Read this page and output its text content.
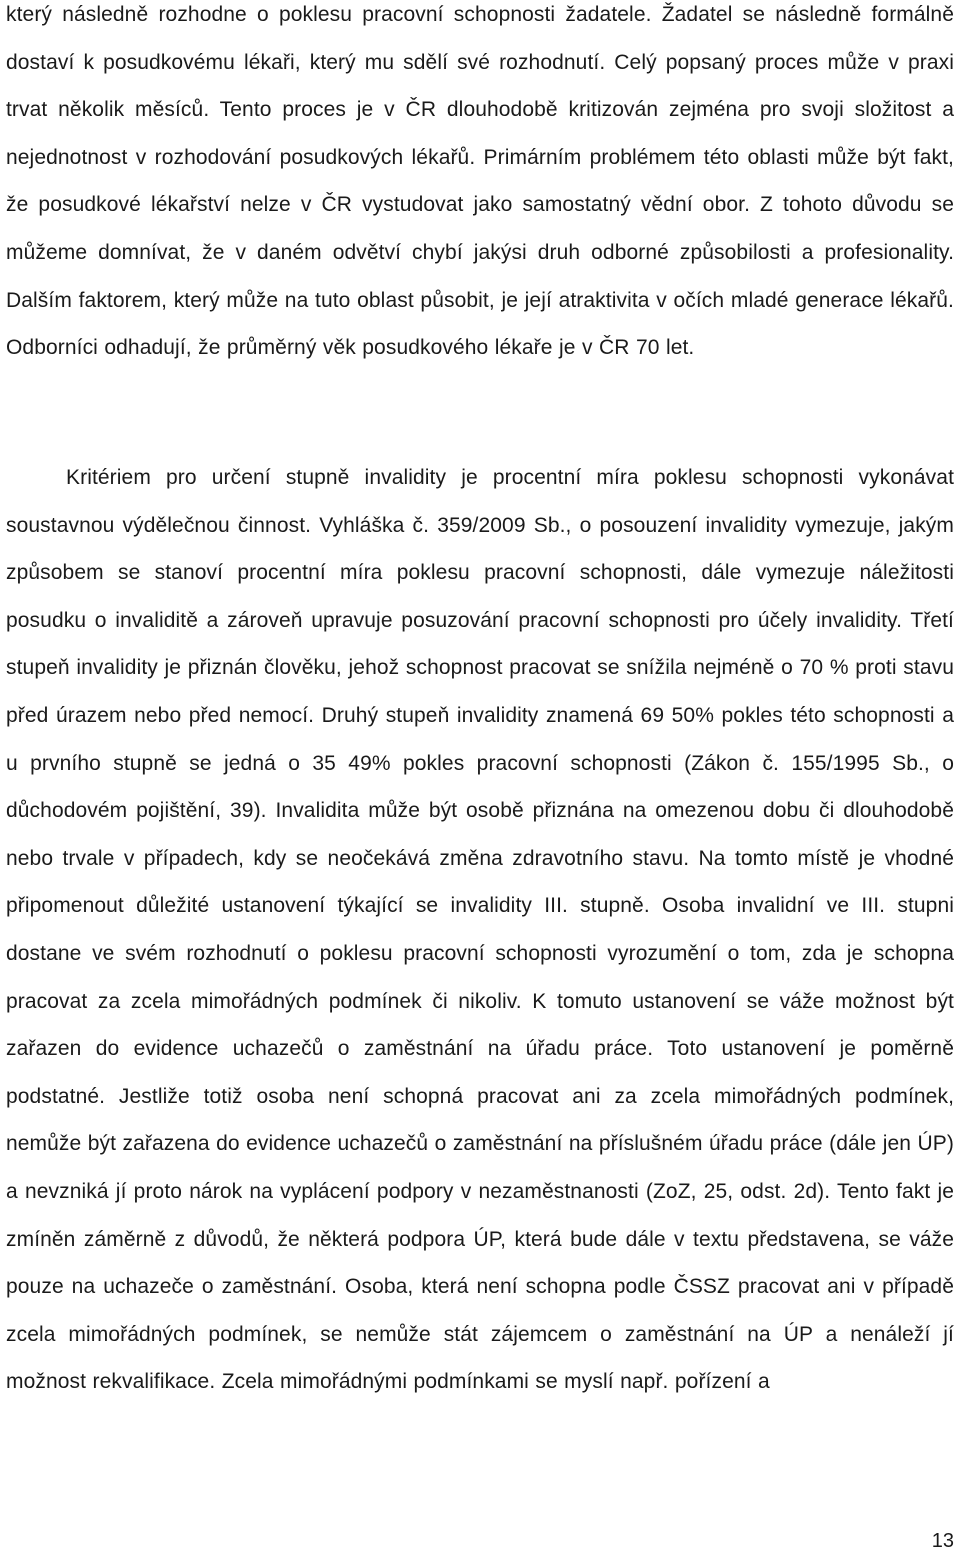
který následně rozhodne o poklesu pracovní schopnosti žadatele. Žadatel se následně formálně dostaví k posudkovému lékaři, který mu sdělí své rozhodnutí. Celý popsaný proces může v praxi trvat několik měsíců. Tento proces je v ČR dlouhodobě kritizován zejména pro svoji složitost a nejednotnost v rozhodování posudkových lékařů. Primárním problémem této oblasti může být fakt, že posudkové lékařství nelze v ČR vystudovat jako samostatný vědní obor. Z tohoto důvodu se můžeme domnívat, že v daném odvětví chybí jakýsi druh odborné způsobilosti a profesionality. Dalším faktorem, který může na tuto oblast působit, je její atraktivita v očích mladé generace lékařů. Odborníci odhadují, že průměrný věk posudkového lékaře je v ČR 70 let.

Kritériem pro určení stupně invalidity je procentní míra poklesu schopnosti vykonávat soustavnou výdělečnou činnost. Vyhláška č. 359/2009 Sb., o posouzení invalidity vymezuje, jakým způsobem se stanoví procentní míra poklesu pracovní schopnosti, dále vymezuje náležitosti posudku o invaliditě a zároveň upravuje posuzování pracovní schopnosti pro účely invalidity. Třetí stupeň invalidity je přiznán člověku, jehož schopnost pracovat se snížila nejméně o 70 % proti stavu před úrazem nebo před nemocí. Druhý stupeň invalidity znamená 69 50% pokles této schopnosti a u prvního stupně se jedná o 35 49% pokles pracovní schopnosti (Zákon č. 155/1995 Sb., o důchodovém pojištění, 39). Invalidita může být osobě přiznána na omezenou dobu či dlouhodobě nebo trvale v případech, kdy se neočekává změna zdravotního stavu. Na tomto místě je vhodné připomenout důležité ustanovení týkající se invalidity III. stupně. Osoba invalidní ve III. stupni dostane ve svém rozhodnutí o poklesu pracovní schopnosti vyrozumění o tom, zda je schopna pracovat za zcela mimořádných podmínek či nikoliv. K tomuto ustanovení se váže možnost být zařazen do evidence uchazečů o zaměstnání na úřadu práce. Toto ustanovení je poměrně podstatné. Jestliže totiž osoba není schopná pracovat ani za zcela mimořádných podmínek, nemůže být zařazena do evidence uchazečů o zaměstnání na příslušném úřadu práce (dále jen ÚP) a nevzniká jí proto nárok na vyplácení podpory v nezaměstnanosti (ZoZ, 25, odst. 2d). Tento fakt je zmíněn záměrně z důvodů, že některá podpora ÚP, která bude dále v textu představena, se váže pouze na uchazeče o zaměstnání. Osoba, která není schopna podle ČSSZ pracovat ani v případě zcela mimořádných podmínek, se nemůže stát zájemcem o zaměstnání na ÚP a nenáleží jí možnost rekvalifikace. Zcela mimořádnými podmínkami se myslí např. pořízení a

13
